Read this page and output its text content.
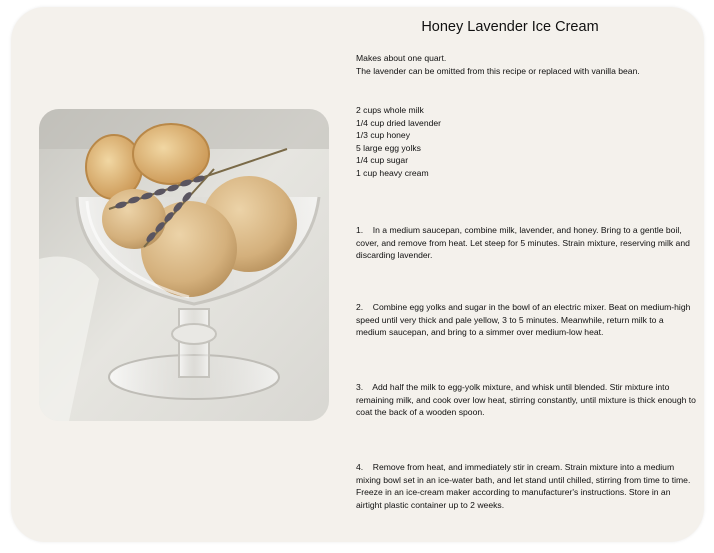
Honey Lavender Ice Cream
Makes about one quart.
The lavender can be omitted from this recipe or replaced with vanilla bean.
2 cups whole milk
1/4 cup dried lavender
1/3 cup honey
5 large egg yolks
1/4 cup sugar
1 cup heavy cream

1. In a medium saucepan, combine milk, lavender, and honey. Bring to a gentle boil, cover, and remove from heat. Let steep for 5 minutes. Strain mixture, reserving milk and discarding lavender.

2. Combine egg yolks and sugar in the bowl of an electric mixer. Beat on medium-high speed until very thick and pale yellow, 3 to 5 minutes. Meanwhile, return milk to a medium saucepan, and bring to a simmer over medium-low heat.

3. Add half the milk to egg-yolk mixture, and whisk until blended. Stir mixture into remaining milk, and cook over low heat, stirring constantly, until mixture is thick enough to coat the back of a wooden spoon.

4. Remove from heat, and immediately stir in cream. Strain mixture into a medium mixing bowl set in an ice-water bath, and let stand until chilled, stirring from time to time. Freeze in an ice-cream maker according to manufacturer's instructions. Store in an airtight plastic container up to 2 weeks.
